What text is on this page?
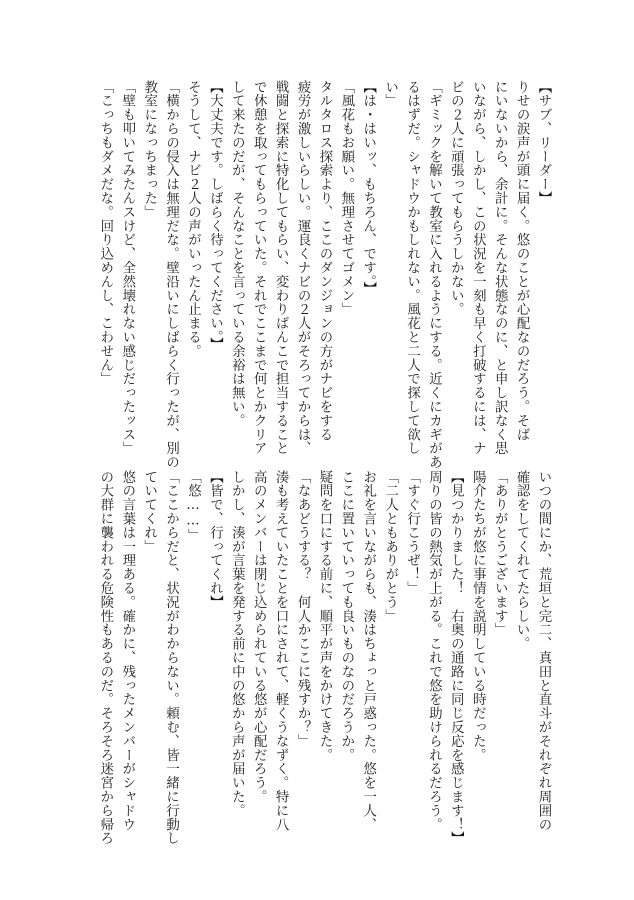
【サブ、リーダー】
りせの涙声が頭に届く。悠のことが心配なのだろう。そば
にいないから、余計に。そんな状態なのに、と申し訳なく思
いながら、しかし、この状況を一刻も早く打破するには、ナ
ビの２人に頑張ってもらうしかない。
「ギミックを解いて教室に入れるようにする。近くにカギがあ
るはずだ。シャドウかもしれない。風花と二人で探して欲し
い」
【は・はいッ、もちろん、です。】
「風花もお願い。無理させてゴメン」
タルタロス探索より、ここのダンジョンの方がナビをする
疲労が激しいらしい。運良くナビの２人がそろってからは、
戦闘と探索に特化してもらい、変わりばんこで担当すること
で休憩を取ってもらっていた。それでここまで何とかクリア
して来たのだが、そんなことを言っている余裕は無い。
【大丈夫です。しばらく待ってください。】
そうして、ナビ２人の声がいったん止まる。
「横からの侵入は無理だな。壁沿いにしばらく行ったが、別の
教室になっちまった」
「壁も叩いてみたんスけど、全然壊れない感じだったッス」
「こっちもダメだな。回り込めんし、こわせん」
いつの間にか、荒垣と完二、真田と直斗がそれぞれ周囲の
確認をしてくれてたらしい。
「ありがとうございます」
陽介たちが悠に事情を説明している時だった。
【見つかりました！　右奥の通路に同じ反応を感じます！】
周りの皆の熱気が上がる。これで悠を助けられるだろう。
「すぐ行こうぜ！」
「二人ともありがとう」
お礼を言いながらも、湊はちょっと戸惑った。悠を一人、
ここに置いていっても良いものなのだろうか。
疑問を口にする前に、順平が声をかけてきた。
「なあどうする？　何人かここに残すか？」
湊も考えていたことを口にされて、軽くうなずく。特に八
高のメンバーは閉じ込められている悠が心配だろう。
しかし、湊が言葉を発する前に中の悠から声が届いた。
【皆で、行ってくれ】
「悠……」
「ここからだと、状況がわからない。頼む、皆一緒に行動し
ていてくれ」
悠の言葉は一理ある。確かに、残ったメンバーがシャドウ
の大群に襲われる危険性もあるのだ。そろそろ迷宮から帰ろ
